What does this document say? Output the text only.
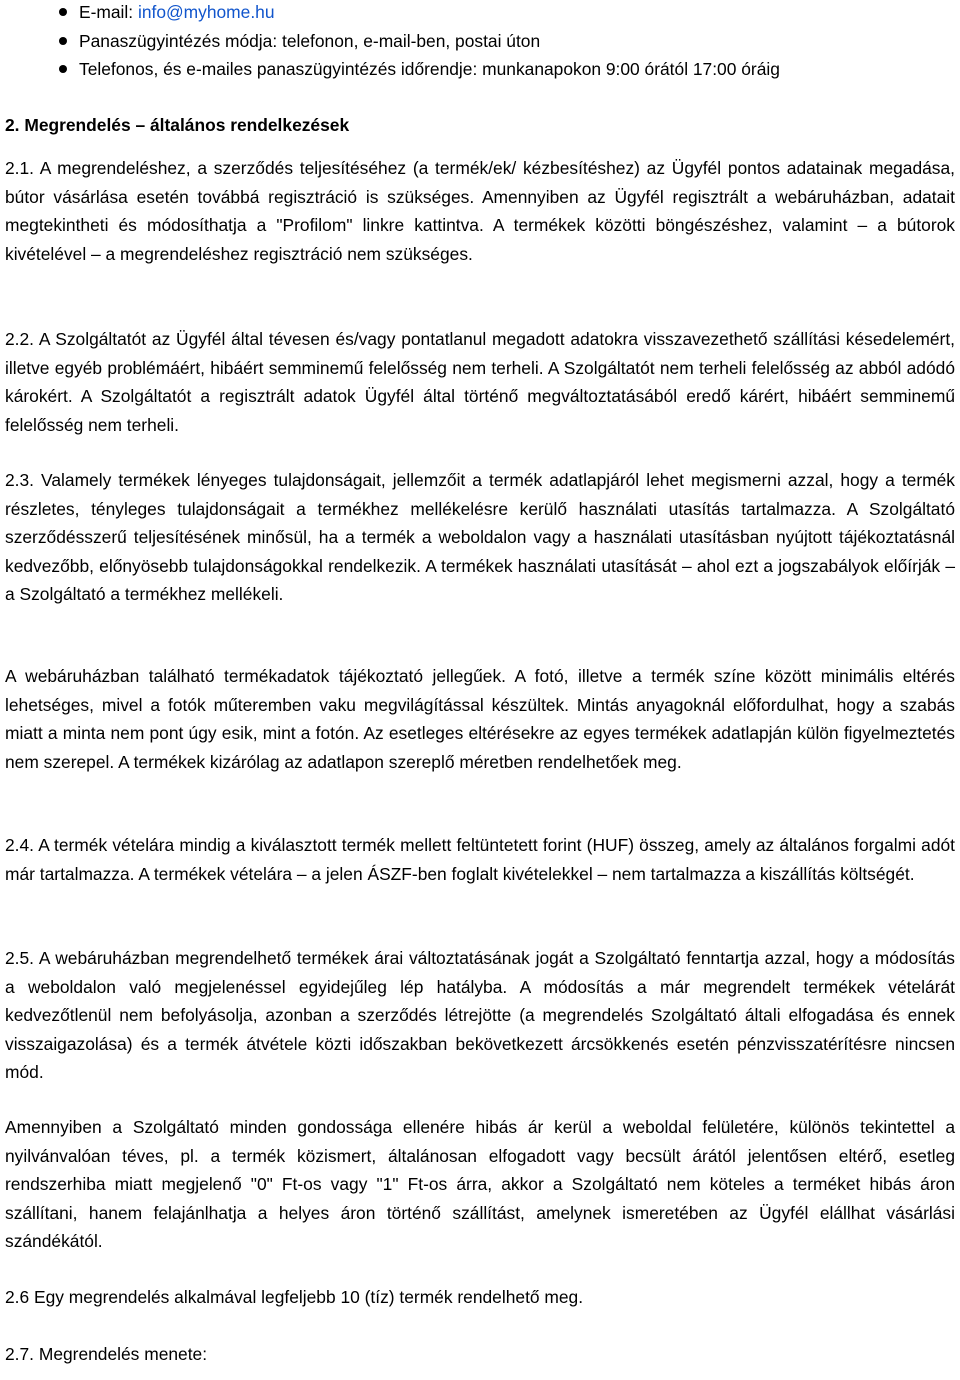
E-mail: info@myhome.hu
Panaszügyintézés módja: telefonon, e-mail-ben, postai úton
Telefonos, és e-mailes panaszügyintézés időrendje: munkanapokon 9:00 órától 17:00 óráig
2. Megrendelés – általános rendelkezések

2.1. A megrendeléshez, a szerződés teljesítéséhez (a termék/ek/ kézbesítéshez) az Ügyfél pontos adatainak megadása, bútor vásárlása esetén továbbá regisztráció is szükséges. Amennyiben az Ügyfél regisztrált a webáruházban, adatait megtekintheti és módosíthatja a "Profilom" linkre kattintva. A termékek közötti böngészéshez, valamint – a bútorok kivételével – a megrendeléshez regisztráció nem szükséges.

2.2. A Szolgáltatót az Ügyfél által tévesen és/vagy pontatlanul megadott adatokra visszavezethető szállítási késedelemért, illetve egyéb problémáért, hibáért semminemű felelősség nem terheli. A Szolgáltatót nem terheli felelősség az abból adódó károkért. A Szolgáltatót a regisztrált adatok Ügyfél által történő megváltoztatásából eredő kárért, hibáért semminemű felelősség nem terheli.

2.3. Valamely termékek lényeges tulajdonságait, jellemzőit a termék adatlapjáról lehet megismerni azzal, hogy a termék részletes, tényleges tulajdonságait a termékhez mellékelésre kerülő használati utasítás tartalmazza. A Szolgáltató szerződésszerű teljesítésének minősül, ha a termék a weboldalon vagy a használati utasításban nyújtott tájékoztatásnál kedvezőbb, előnyösebb tulajdonságokkal rendelkezik. A termékek használati utasítását – ahol ezt a jogszabályok előírják – a Szolgáltató a termékhez mellékeli.

A webáruházban található termékadatok tájékoztató jellegűek. A fotó, illetve a termék színe között minimális eltérés lehetséges, mivel a fotók műteremben vaku megvilágítással készültek. Mintás anyagoknál előfordulhat, hogy a szabás miatt a minta nem pont úgy esik, mint a fotón. Az esetleges eltérésekre az egyes termékek adatlapján külön figyelmeztetés nem szerepel. A termékek kizárólag az adatlapon szereplő méretben rendelhetőek meg.

2.4. A termék vételára mindig a kiválasztott termék mellett feltüntetett forint (HUF) összeg, amely az általános forgalmi adót már tartalmazza. A termékek vételára – a jelen ÁSZF-ben foglalt kivételekkel – nem tartalmazza a kiszállítás költségét.

2.5. A webáruházban megrendelhető termékek árai változtatásának jogát a Szolgáltató fenntartja azzal, hogy a módosítás a weboldalon való megjelenéssel egyidejűleg lép hatályba. A módosítás a már megrendelt termékek vételárát kedvezőtlenül nem befolyásolja, azonban a szerződés létrejötte (a megrendelés Szolgáltató általi elfogadása és ennek visszaigazolása) és a termék átvétele közti időszakban bekövetkezett árcsökkenés esetén pénzvisszatérítésre nincsen mód.

Amennyiben a Szolgáltató minden gondossága ellenére hibás ár kerül a weboldal felületére, különös tekintettel a nyilvánvalóan téves, pl. a termék közismert, általánosan elfogadott vagy becsült árától jelentősen eltérő, esetleg rendszerhiba miatt megjelenő "0" Ft-os vagy "1" Ft-os árra, akkor a Szolgáltató nem köteles a terméket hibás áron szállítani, hanem felajánlhatja a helyes áron történő szállítást, amelynek ismeretében az Ügyfél elállhat vásárlási szándékától.

2.6 Egy megrendelés alkalmával legfeljebb 10 (tíz) termék rendelhető meg.

2.7. Megrendelés menete:
